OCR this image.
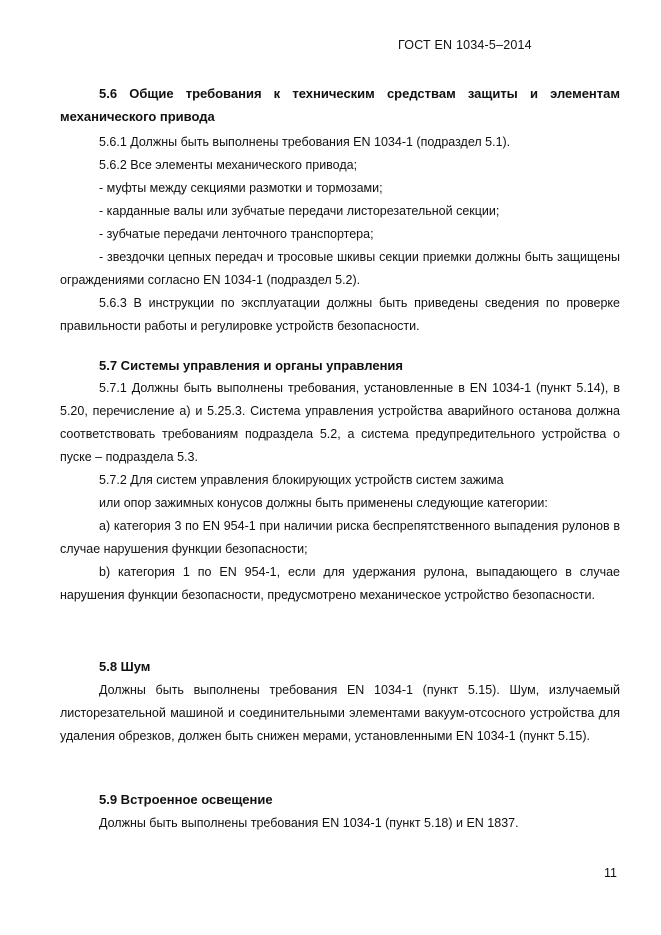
ГОСТ EN 1034-5–2014
5.6 Общие требования к техническим средствам защиты и элементам механического привода
5.6.1 Должны быть выполнены требования EN 1034-1 (подраздел 5.1).
5.6.2 Все элементы механического привода;
- муфты между секциями размотки и тормозами;
- карданные валы или зубчатые передачи листорезательной секции;
- зубчатые передачи ленточного транспортера;
- звездочки цепных передач и тросовые шкивы секции приемки должны быть защищены ограждениями согласно EN 1034-1 (подраздел 5.2).
5.6.3 В инструкции по эксплуатации должны быть приведены сведения по проверке правильности работы и регулировке устройств безопасности.
5.7 Системы управления и органы управления
5.7.1 Должны быть выполнены требования, установленные в EN 1034-1 (пункт 5.14), в 5.20, перечисление a) и 5.25.3. Система управления устройства аварийного останова должна соответствовать требованиям подраздела 5.2, а система предупредительного устройства о пуске – подраздела 5.3.
5.7.2 Для систем управления блокирующих устройств систем зажима
или опор зажимных конусов должны быть применены следующие категории:
a) категория 3 по EN 954-1 при наличии риска беспрепятственного выпадения рулонов в случае нарушения функции безопасности;
b) категория 1 по EN 954-1, если для удержания рулона, выпадающего в случае нарушения функции безопасности, предусмотрено механическое устройство безопасности.
5.8 Шум
Должны быть выполнены требования EN 1034-1 (пункт 5.15). Шум, излучаемый листорезательной машиной и соединительными элементами вакуум-отсосного устройства для удаления обрезков, должен быть снижен мерами, установленными EN 1034-1 (пункт 5.15).
5.9 Встроенное освещение
Должны быть выполнены требования EN 1034-1 (пункт 5.18) и EN 1837.
11
